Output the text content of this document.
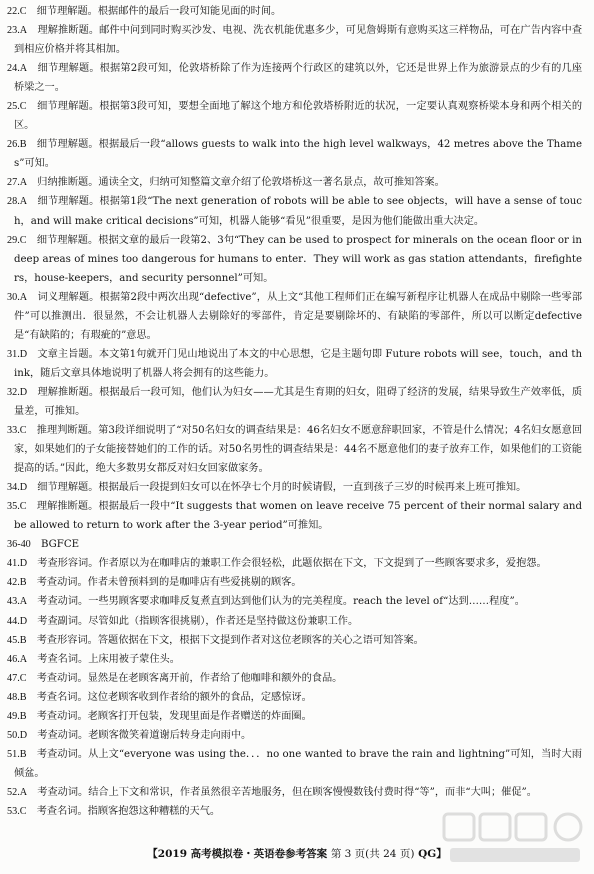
22.C　 细节理解题。根据邮件的最后一段可知能见面的时间。
23.A　 理解推断题。邮件中问到同时购买沙发、电视、洗衣机能优惠多少，可见詹姆斯有意购买这三样物品，可在广告内容中查到相应价格并将其相加。
24.A　 细节理解题。根据第2段可知，伦敦塔桥除了作为连接两个行政区的建筑以外，它还是世界上作为旅游景点的少有的几座桥梁之一。
25.C　 细节理解题。根据第3段可知，要想全面地了解这个地方和伦敦塔桥附近的状况，一定要认真观察桥梁本身和两个相关的区。
26.B　 细节理解题。根据最后一段“allows guests to walk into the high level walkways，42 metres above the Thames”可知。
27.A　 归纳推断题。通读全文，归纳可知整篇文章介绍了伦敦塔桥这一著名景点，故可推知答案。
28.A　 细节理解题。根据第1段“The next generation of robots will be able to see objects，will have a sense of touch，and will make critical decisions”可知，机器人能够“看见”很重要，是因为他们能做出重大决定。
29.C　 细节理解题。根据文章的最后一段第2、3句“They can be used to prospect for minerals on the ocean floor or in deep areas of mines too dangerous for humans to enter．They will work as gas station attendants，firefighters，house-keepers，and security personnel”可知。
30.A　 词义理解题。根据第2段中两次出现“defective”，从上文“其他工程师们正在编写新程序让机器人在成品中剔除一些零部件”可以推测出．很显然，不会让机器人去剔除好的零部件，肯定是要剔除坏的、有缺陷的零部件，所以可以断定defective是“有缺陷的；有瑕疵的”意思。
31.D　 文章主旨题。本文第1句就开门见山地说出了本文的中心思想，它是主题句即 Future robots will see，touch，and think，随后文章具体地说明了机器人将会拥有的这些能力。
32.D　 理解推断题。根据最后一段可知，他们认为妇女——尤其是生育期的妇女，阻碍了经济的发展，结果导致生产效率低，质量差，可推知。
33.C　 推理判断题。第3段详细说明了“对50名妇女的调查结果是：46名妇女不愿意辞职回家，不管是什么情况；4名妇女愿意回家，如果她们的子女能接替她们的工作的话。对50名男性的调查结果是：44名不愿意他们的妻子放弃工作，如果他们的工资能提高的话。”因此，绝大多数男女都反对妇女回家做家务。
34.D　 细节理解题。根据最后一段提到妇女可以在怀孕七个月的时候请假，一直到孩子三岁的时候再来上班可推知。
35.C　 理解推断题。根据最后一段中“It suggests that women on leave receive 75 percent of their normal salary and be allowed to return to work after the 3-year period”可推知。
36-40　 BGFCE
41.D　 考查形容词。作者原以为在咖啡店的兼职工作会很轻松，此题依据在下文，下文提到了一些顾客要求多，爱抱怨。
42.B　 考查动词。作者未曾预料到的是咖啡店有些爱挑剔的顾客。
43.A　 考查动词。一些男顾客要求咖啡反复煮直到达到他们认为的完美程度。reach the level of“达到……程度”。
44.D　 考查副词。尽管如此（指顾客很挑剔），作者还是坚持做这份兼职工作。
45.B　 考查形容词。答题依据在下文，根据下文提到作者对这位老顾客的关心之语可知答案。
46.A　 考查名词。上床用被子蒙住头。
47.C　 考查动词。显然是在老顾客离开前，作者给了他咖啡和额外的食品。
48.B　 考查名词。这位老顾客收到作者给的额外的食品，定感惊讶。
49.B　 考查动词。老顾客打开包装，发现里面是作者赠送的炸面圈。
50.D　 考查动词。老顾客微笑着道谢后转身走向雨中。
51.B　 考查动词。从上文“everyone was using the．．．no one wanted to brave the rain and lightning”可知，当时大雨倾盆。
52.A　 考查动词。结合上下文和常识，作者虽然很辛苦地服务，但在顾客慢慢数钱付费时得“等”，而非“大叫；催促”。
53.C　 考查名词。指顾客抱怨这种糟糕的天气。
【2019 高考模拟卷・英语卷参考答案 第 3 页(共 24 页) QG】
